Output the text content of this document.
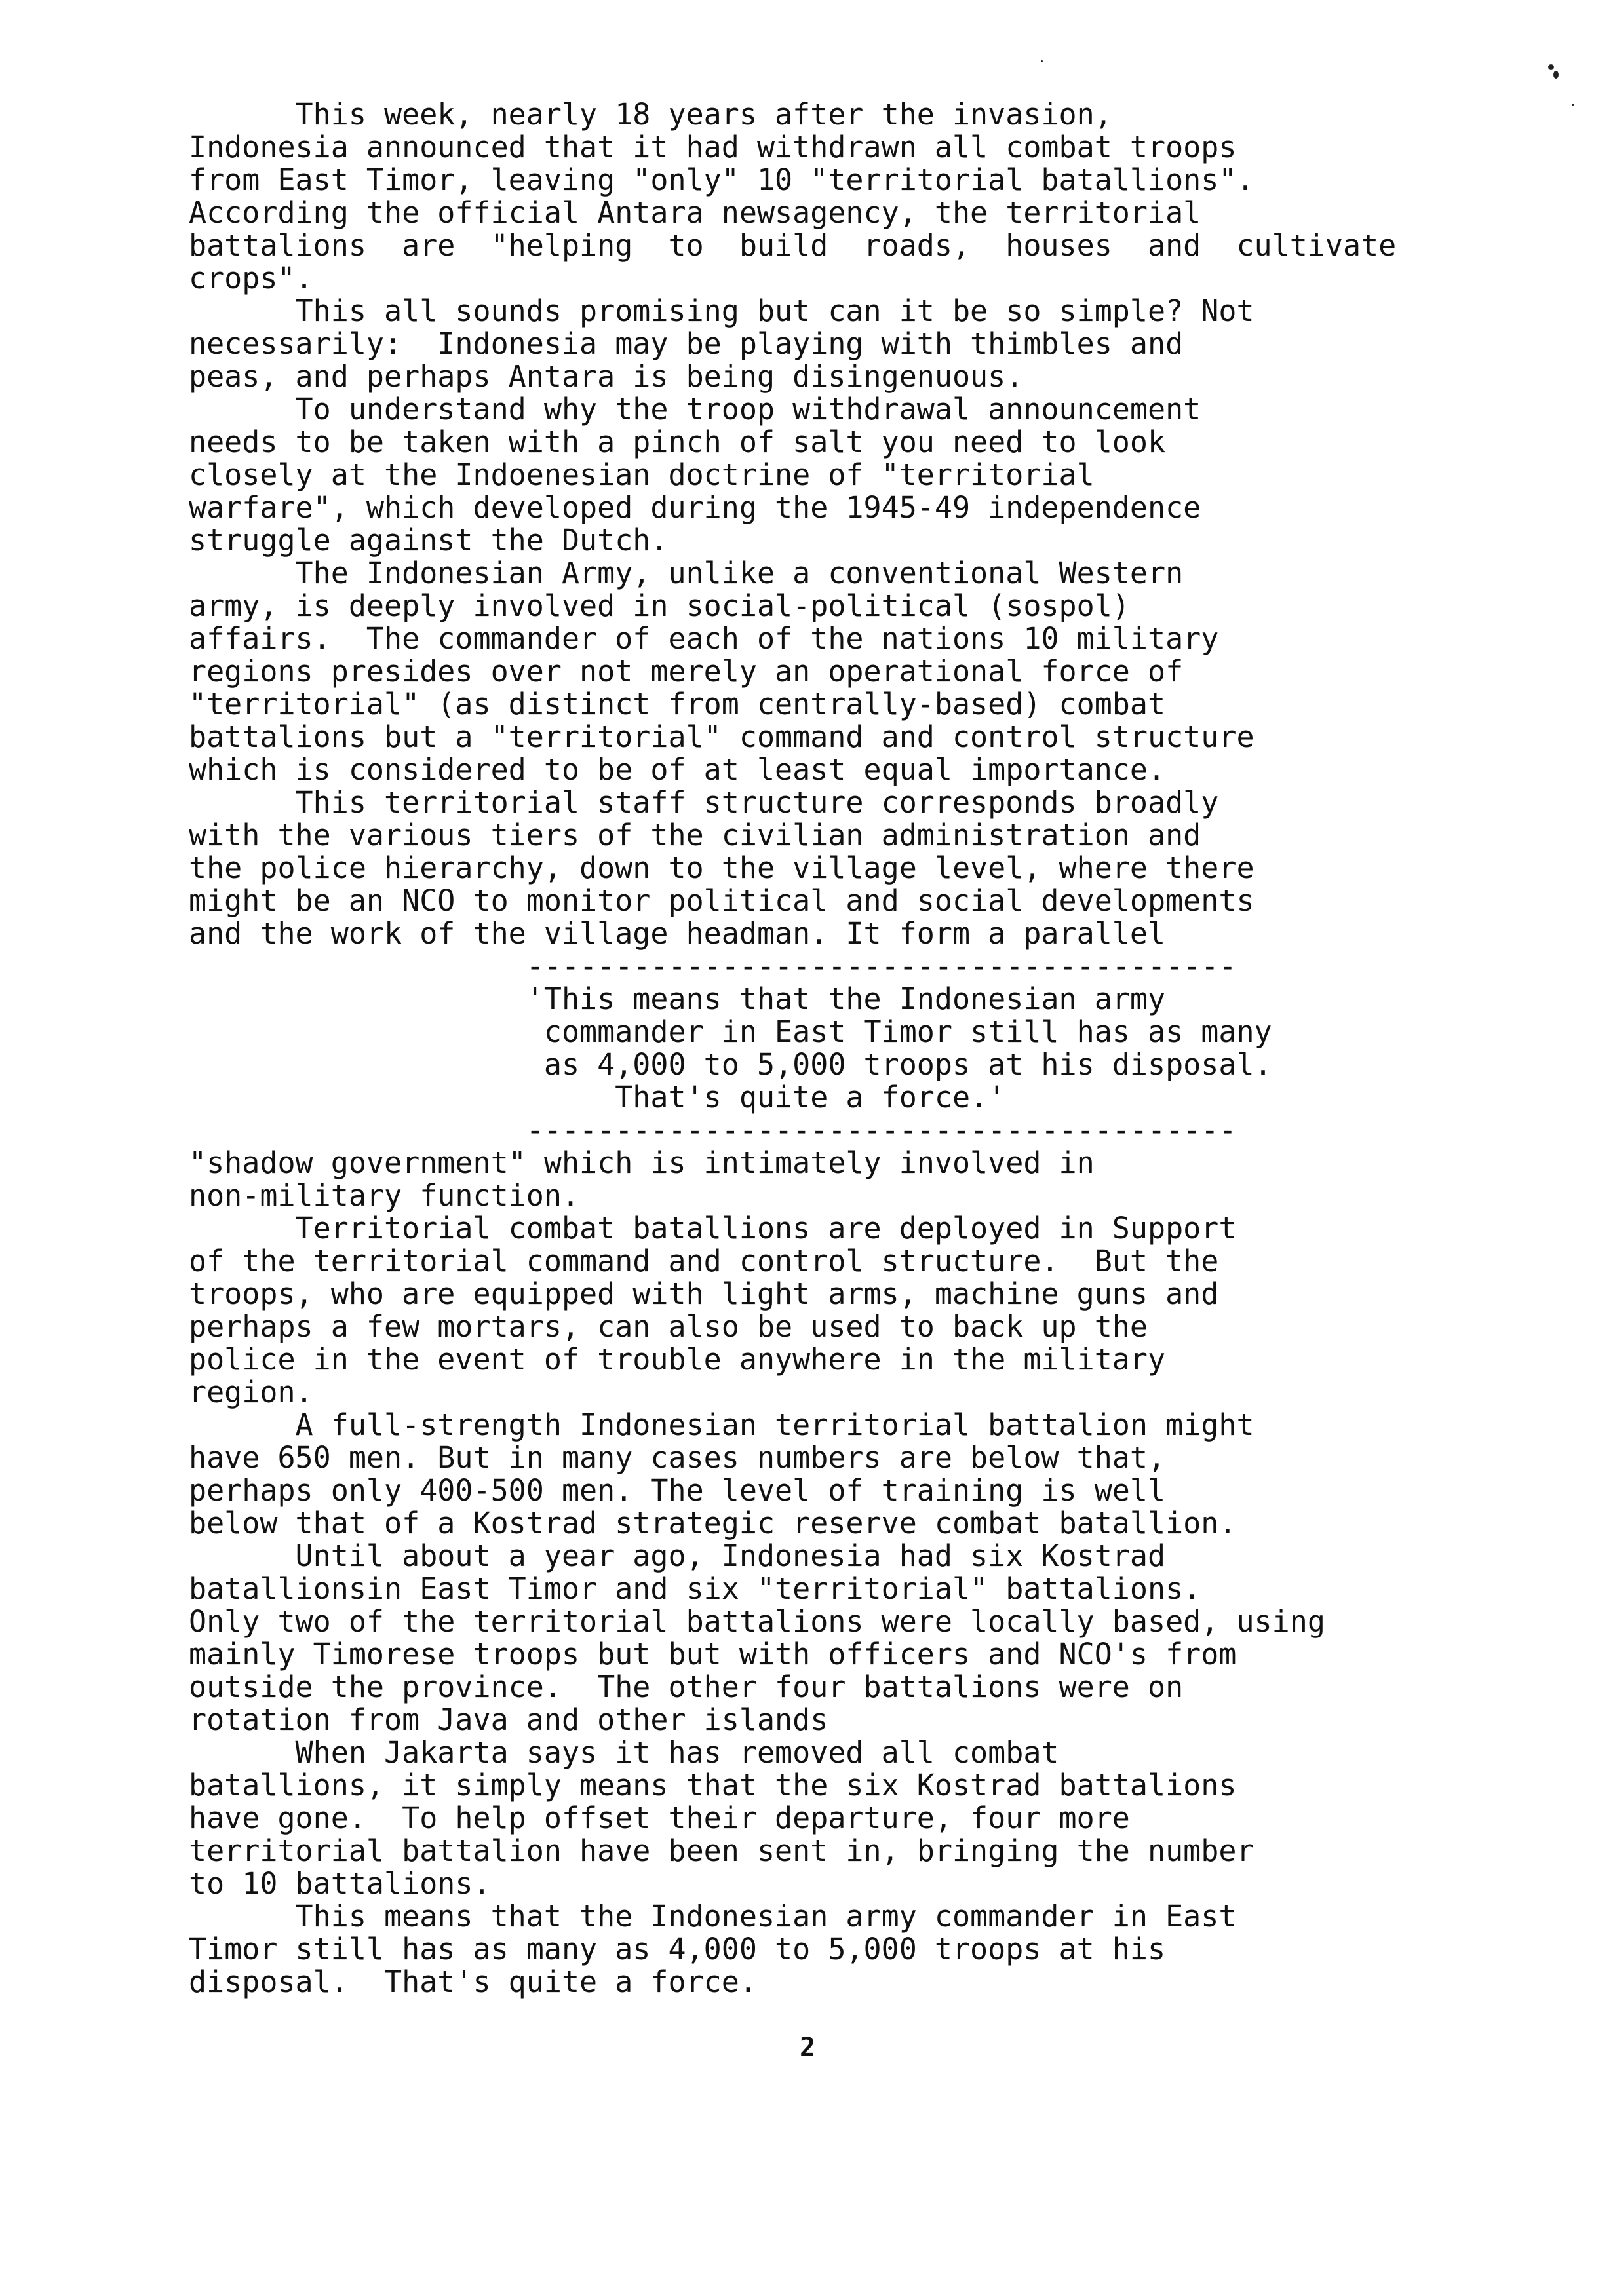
This week, nearly 18 years after the invasion,
Indonesia announced that it had withdrawn all combat troops
from East Timor, leaving "only" 10 "territorial batallions".
According the official Antara newsagency, the territorial
battalions  are  "helping  to  build  roads,  houses  and  cultivate
crops".
This all sounds promising but can it be so simple? Not
necessarily:  Indonesia may be playing with thimbles and
peas, and perhaps Antara is being disingenuous.
To understand why the troop withdrawal announcement
needs to be taken with a pinch of salt you need to look
closely at the Indoenesian doctrine of "territorial
warfare", which developed during the 1945-49 independence
struggle against the Dutch.
The Indonesian Army, unlike a conventional Western
army, is deeply involved in social-political (sospol)
affairs.  The commander of each of the nations 10 military
regions presides over not merely an operational force of
"territorial" (as distinct from centrally-based) combat
battalions but a "territorial" command and control structure
which is considered to be of at least equal importance.
This territorial staff structure corresponds broadly
with the various tiers of the civilian administration and
the police hierarchy, down to the village level, where there
might be an NCO to monitor political and social developments
and the work of the village headman. It form a parallel
----------------------------------------
'This means that the Indonesian army
commander in East Timor still has as many
as 4,000 to 5,000 troops at his disposal.
That's quite a force.'
----------------------------------------
"shadow government" which is intimately involved in
non-military function.
Territorial combat batallions are deployed in Support
of the territorial command and control structure.  But the
troops, who are equipped with light arms, machine guns and
perhaps a few mortars, can also be used to back up the
police in the event of trouble anywhere in the military
region.
A full-strength Indonesian territorial battalion might
have 650 men. But in many cases numbers are below that,
perhaps only 400-500 men. The level of training is well
below that of a Kostrad strategic reserve combat batallion.
Until about a year ago, Indonesia had six Kostrad
batallionsin East Timor and six "territorial" battalions.
Only two of the territorial battalions were locally based, using
mainly Timorese troops but but with officers and NCO's from
outside the province.  The other four battalions were on
rotation from Java and other islands
When Jakarta says it has removed all combat
batallions, it simply means that the six Kostrad battalions
have gone.  To help offset their departure, four more
territorial battalion have been sent in, bringing the number
to 10 battalions.
This means that the Indonesian army commander in East
Timor still has as many as 4,000 to 5,000 troops at his
disposal.  That's quite a force.
2
